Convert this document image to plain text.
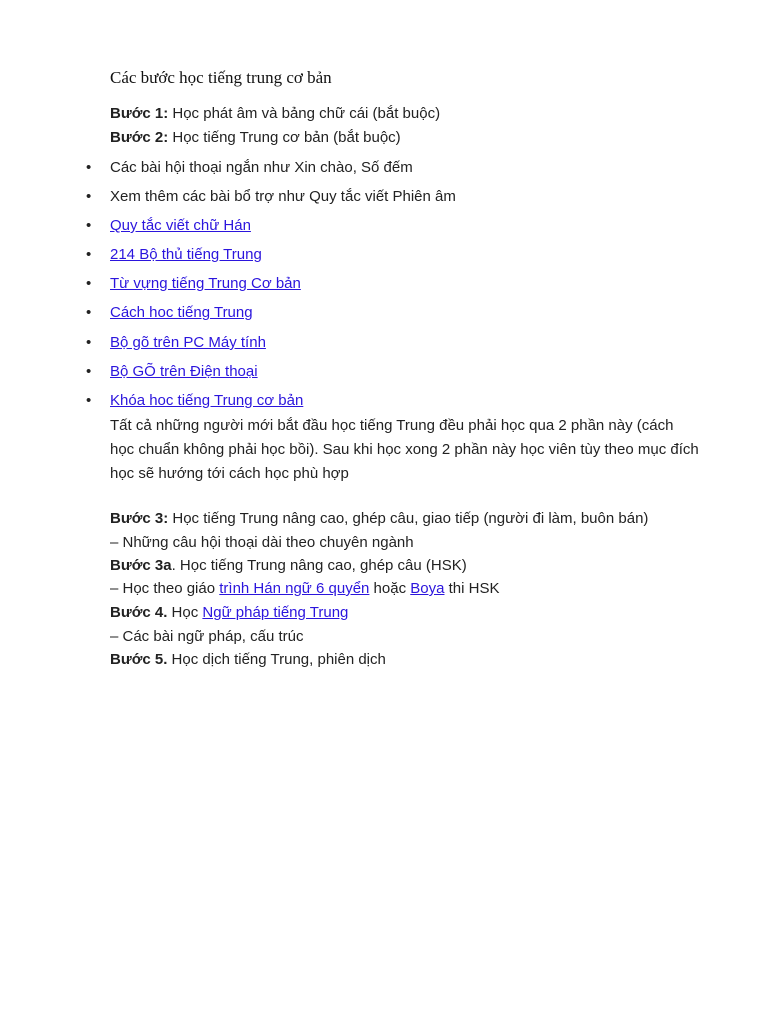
Các bước học tiếng trung cơ bản
Bước 1: Học phát âm và bảng chữ cái (bắt buộc)
Bước 2: Học tiếng Trung cơ bản (bắt buộc)
• Các bài hội thoại ngắn như Xin chào, Số đếm
• Xem thêm các bài bổ trợ như Quy tắc viết Phiên âm
• Quy tắc viết chữ Hán
• 214 Bộ thủ tiếng Trung
• Từ vựng tiếng Trung Cơ bản
• Cách hoc tiếng Trung
• Bộ gõ trên PC Máy tính
• Bộ GÕ trên Điện thoại
• Khóa hoc tiếng Trung cơ bản
Tất cả những người mới bắt đầu học tiếng Trung đều phải học qua 2 phần này (cách học chuẩn không phải học bồi). Sau khi học xong 2 phần này học viên tùy theo mục đích học sẽ hướng tới cách học phù hợp
Bước 3: Học tiếng Trung nâng cao, ghép câu, giao tiếp (người đi làm, buôn bán)
– Những câu hội thoại dài theo chuyên ngành
Bước 3a. Học tiếng Trung nâng cao, ghép câu (HSK)
– Học theo giáo trình Hán ngữ 6 quyển hoặc Boya thi HSK
Bước 4. Học Ngữ pháp tiếng Trung
– Các bài ngữ pháp, cấu trúc
Bước 5. Học dịch tiếng Trung, phiên dịch
